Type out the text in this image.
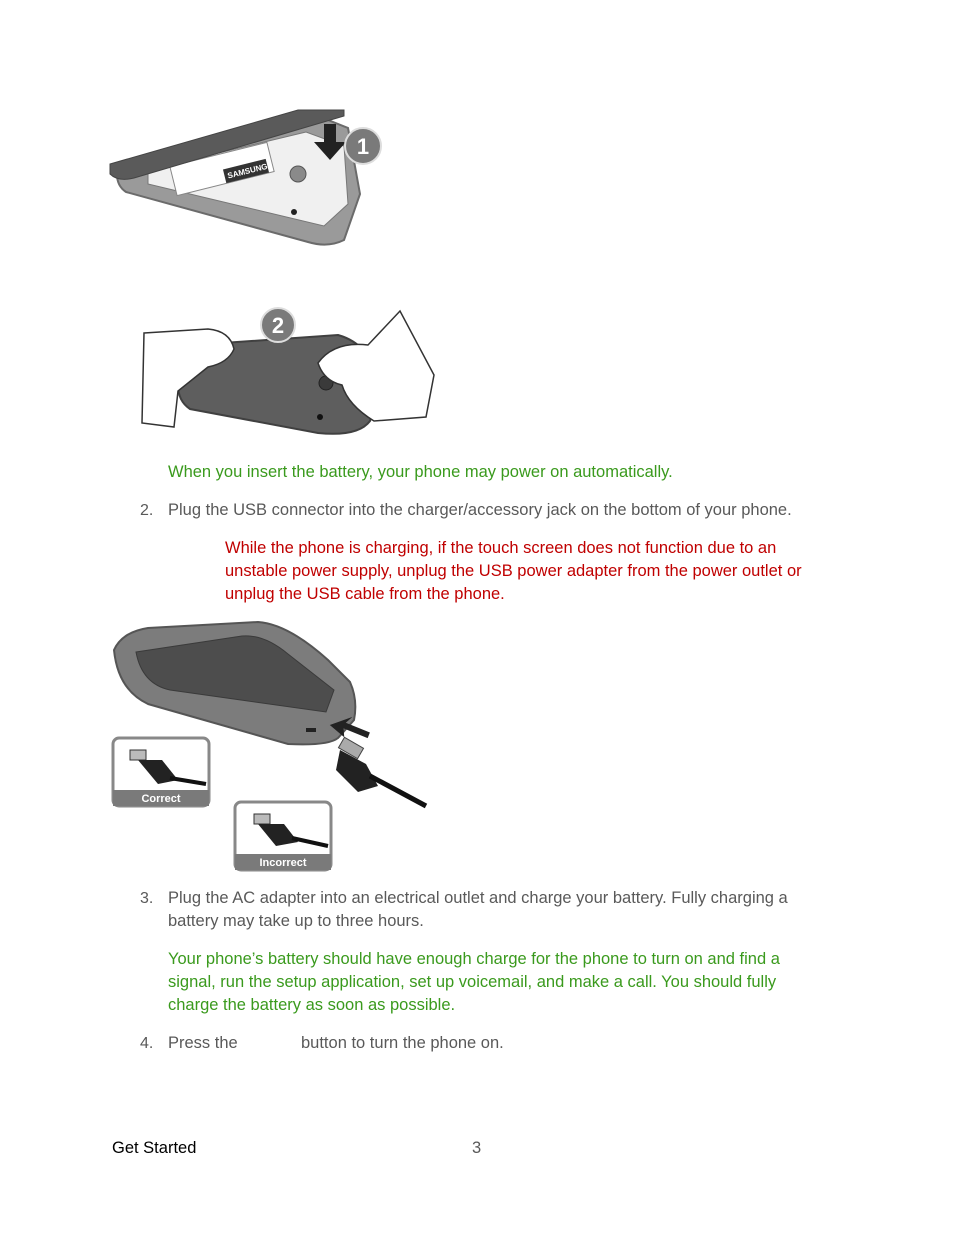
SAMSUNG
1
2
When you insert the battery, your phone may power on automatically.
2. Plug the USB connector into the charger/accessory jack on the bottom of your phone.
While the phone is charging, if the touch screen does not function due to an
unstable power supply, unplug the USB power adapter from the power outlet or
unplug the USB cable from the phone.
Correct
Incorrect
3. Plug the AC adapter into an electrical outlet and charge your battery. Fully charging a
battery may take up to three hours.
Your phone’s battery should have enough charge for the phone to turn on and find a
signal, run the setup application, set up voicemail, and make a call. You should fully
charge the battery as soon as possible.
4. Press the	button to turn the phone on.
Get Started	3
